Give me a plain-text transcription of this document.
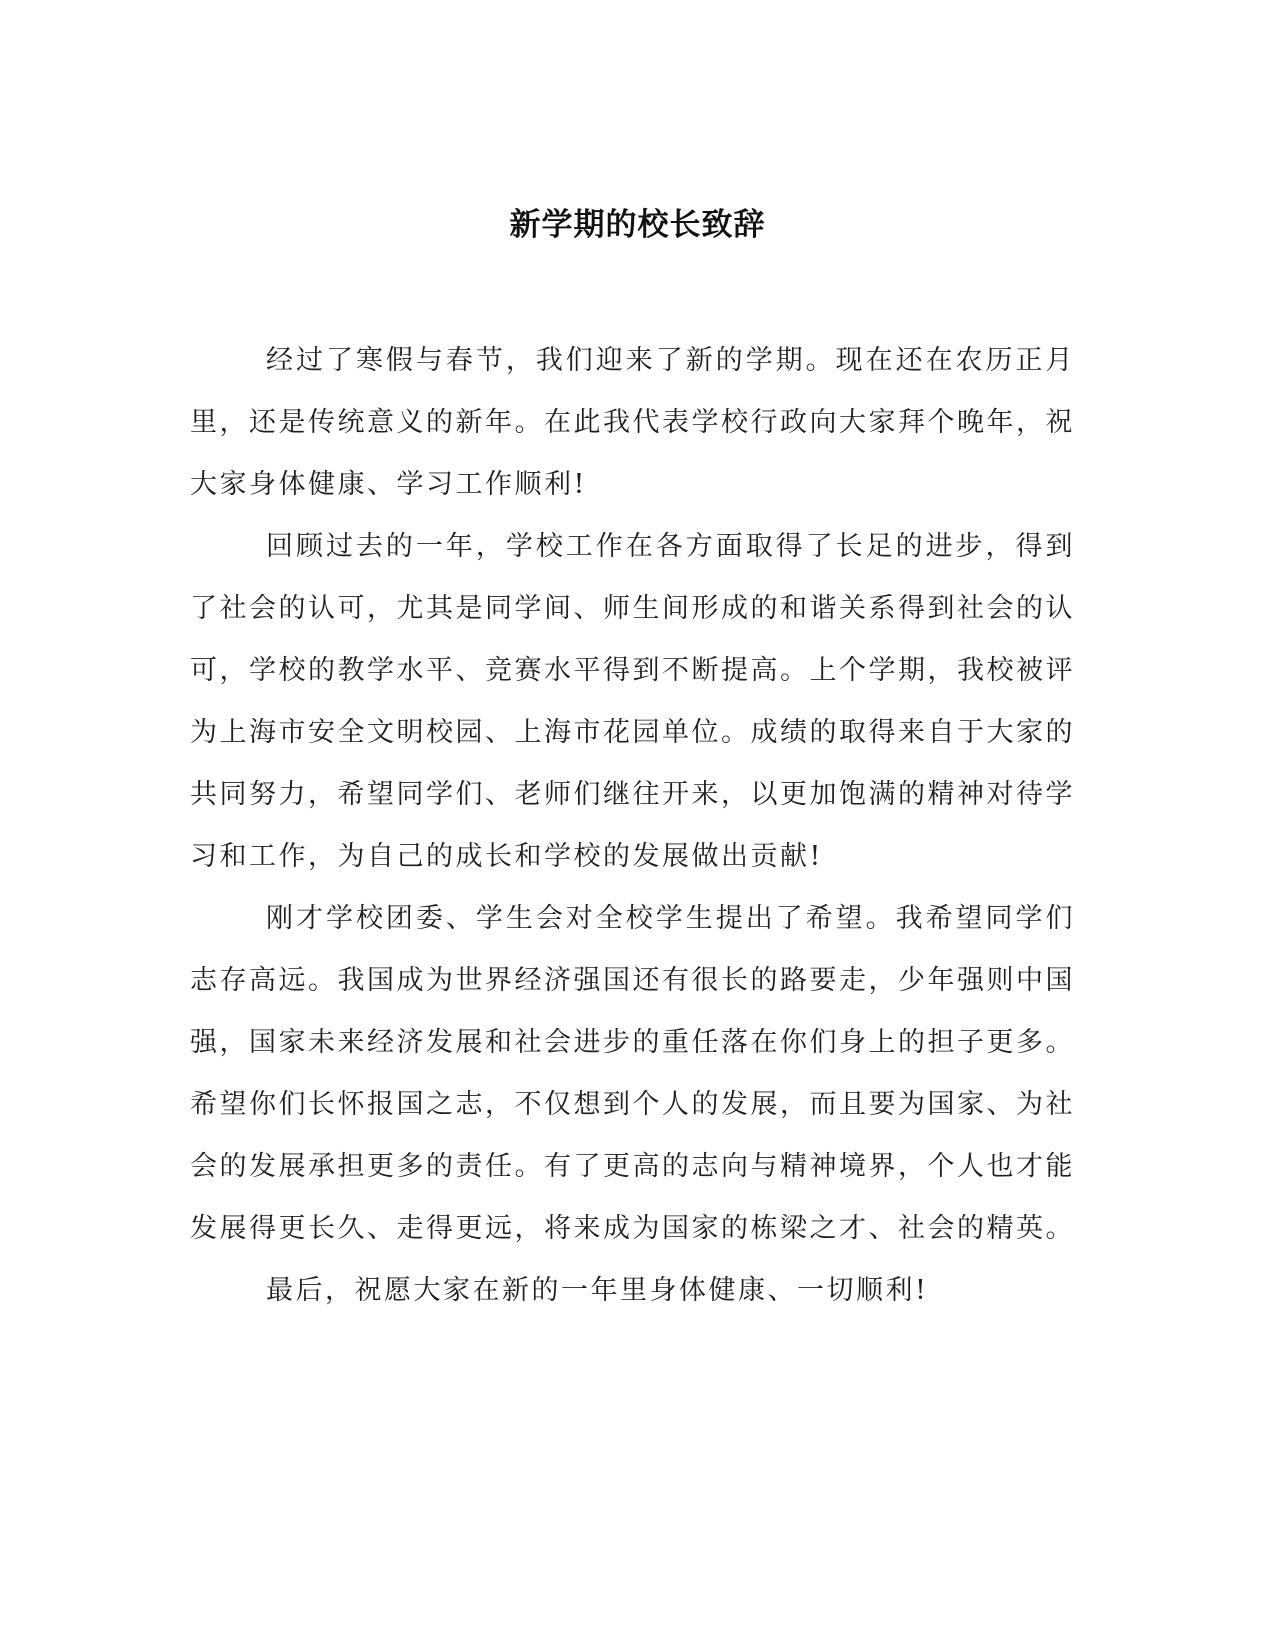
新学期的校长致辞

经过了寒假与春节，我们迎来了新的学期。现在还在农历正月里，还是传统意义的新年。在此我代表学校行政向大家拜个晚年，祝大家身体健康、学习工作顺利!

回顾过去的一年，学校工作在各方面取得了长足的进步，得到了社会的认可，尤其是同学间、师生间形成的和谐关系得到社会的认可，学校的教学水平、竞赛水平得到不断提高。上个学期，我校被评为上海市安全文明校园、上海市花园单位。成绩的取得来自于大家的共同努力，希望同学们、老师们继往开来，以更加饱满的精神对待学习和工作，为自己的成长和学校的发展做出贡献!

刚才学校团委、学生会对全校学生提出了希望。我希望同学们志存高远。我国成为世界经济强国还有很长的路要走，少年强则中国强，国家未来经济发展和社会进步的重任落在你们身上的担子更多。希望你们长怀报国之志，不仅想到个人的发展，而且要为国家、为社会的发展承担更多的责任。有了更高的志向与精神境界，个人也才能发展得更长久、走得更远，将来成为国家的栋梁之才、社会的精英。

最后，祝愿大家在新的一年里身体健康、一切顺利!
